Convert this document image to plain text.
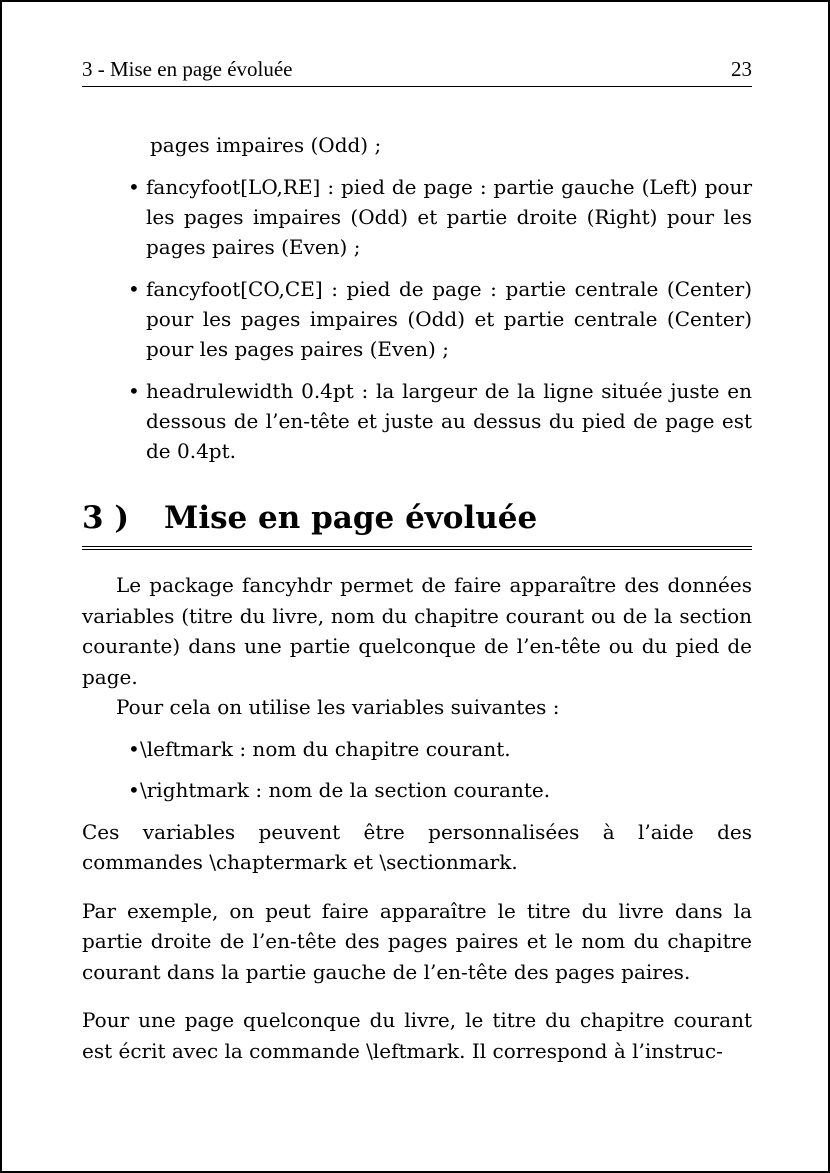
3 - Mise en page évoluée	23
pages impaires (Odd) ;
• fancyfoot[LO,RE] : pied de page : partie gauche (Left) pour les pages impaires (Odd) et partie droite (Right) pour les pages paires (Even) ;
• fancyfoot[CO,CE] : pied de page : partie centrale (Center) pour les pages impaires (Odd) et partie centrale (Center) pour les pages paires (Even) ;
• headrulewidth 0.4pt : la largeur de la ligne située juste en dessous de l’en-tête et juste au dessus du pied de page est de 0.4pt.
3 ) Mise en page évoluée

Le package fancyhdr permet de faire apparaître des données variables (titre du livre, nom du chapitre courant ou de la section courante) dans une partie quelconque de l’en-tête ou du pied de page.

Pour cela on utilise les variables suivantes :

• \leftmark : nom du chapitre courant.
• \rightmark : nom de la section courante.

Ces variables peuvent être personnalisées à l’aide des commandes \chaptermark et \sectionmark.

Par exemple, on peut faire apparaître le titre du livre dans la partie droite de l’en-tête des pages paires et le nom du chapitre courant dans la partie gauche de l’en-tête des pages paires.

Pour une page quelconque du livre, le titre du chapitre courant est écrit avec la commande \leftmark. Il correspond à l’instruc-
